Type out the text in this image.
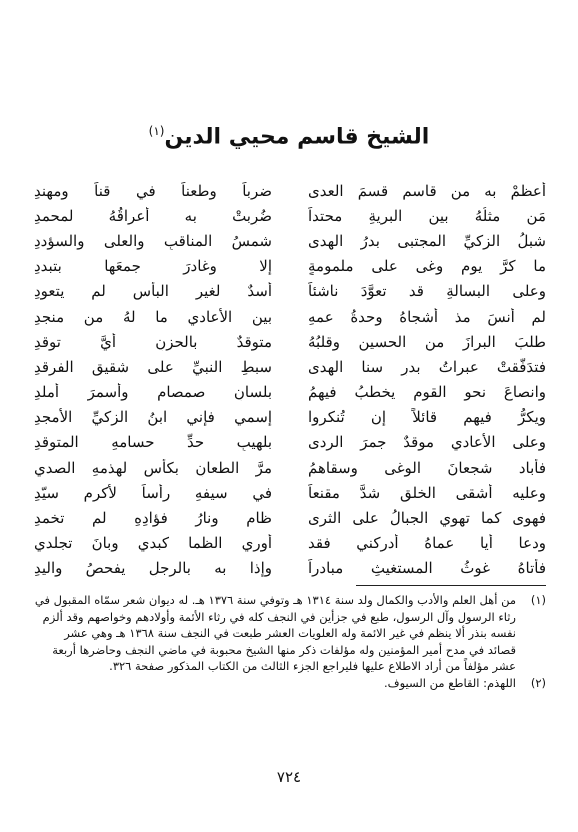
الشيخ قاسم محيي الدين$^{(١)}$
أعظمْ به من قاسمٍ قسمَ العدى
ضرباً وطعناً في قناً ومهندِ
مَن مثلُهُ بين البريةِ محتداً
ضُرِبتْ به أعراقُهُ لمحمدِ
شبلُ الزكيِّ المجتبى بدرُ الهدى
شمسُ المناقبِ والعلى والسؤددِ
ما كرَّ يوم وغى على ملمومةٍ
إلا وغادرَ جمعَها بتبددِ
وعلى البسالةِ قد تعوَّدَ ناشئاً
أسدٌ لغيرِ البأسِ لم يتعودِ
لم أنسَ مذ أشجاهُ وحدةُ عمهِ
بين الأعادي ما لهُ من منجدِ
طلبَ البرازَ من الحسينِ وقلبُهُ
متوقدٌ بالحزنِ أيَّ توقدِ
فتدَفَّقتْ عبراتُ بدرِ سنا الهدى
سبطِ النبيِّ على شقيقِ الفرقدِ
وانصاعَ نحو القوم يخطبُ فيهمُ
بلسانِ صمصامٍ وأسمرَ أملدِ
ويكرُّ فيهم قائلاً إن تُنكروا
إسمي فإني ابنُ الزكيِّ الأمجدِ
وعلى الأعادي موقدٌ جمرَ الردى
بلهيبِ حدِّ حسامهِ المتوقدِ
فأباد شجعانَ الوغى وسقاهمُ
مرَّ الطعانِ بكأسِ لهذمهِ الصدي
وعليه أشقى الخلقِ شدَّ مقنعاً
في سيفهِ رأساً لأكرمِ سيّدِ
فهوى كما تهوي الجبالُ على الثرى
ظامٍ ونارُ فؤادِهِ لم تخمدِ
ودعا أيا عماهُ أدركني فقد
أوري الظما كبدي وبانَ تجلدي
فأتاهُ غوثُ المستغيثِ مبادراً
وإذا به بالرجلِ يفحصُ واليدِ
(١)
من أهل العلم والأدب والكمال ولد سنة ١٣١٤ هـ وتوفي سنة ١٣٧٦ هـ. له ديوان شعر سمّاه المقبول في رثاء الرسول وآل الرسول، طبع في جزأين في النجف كله في رثاء الأئمة وأولادهم وخواصهم وقد ألزم نفسه بنذر ألا ينظم في غير الائمة وله العلويات العشر طبعت في النجف سنة ١٣٦٨ هـ وهي عشر قصائد في مدح أمير المؤمنين وله مؤلفات ذكر منها الشيخ محبوبة في ماضي النجف وحاضرها أربعة عشر مؤلفاً من أراد الاطلاع عليها فليراجع الجزء الثالث من الكتاب المذكور صفحة ٣٢٦.
(٢)
اللهذم: القاطع من السيوف.
٧٢٤
